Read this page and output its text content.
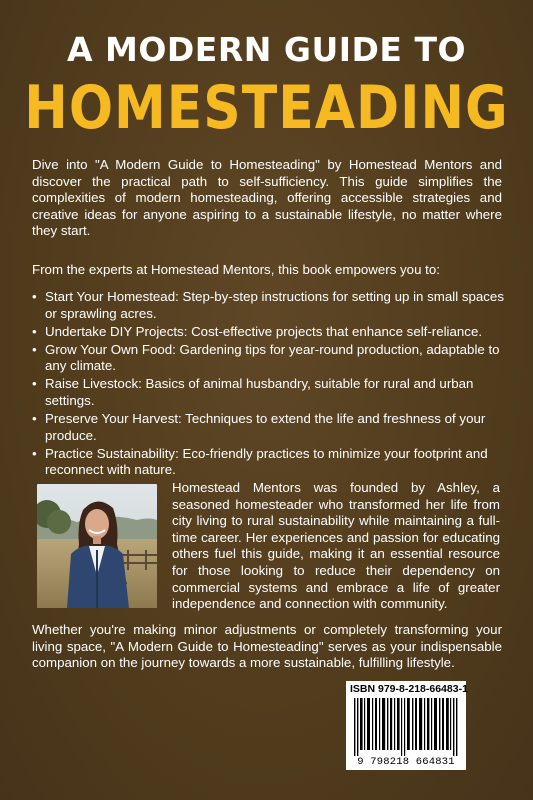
A MODERN GUIDE TO
HOMESTEADING
Dive into "A Modern Guide to Homesteading" by Homestead Mentors and discover the practical path to self-sufficiency. This guide simplifies the complexities of modern homesteading, offering accessible strategies and creative ideas for anyone aspiring to a sustainable lifestyle, no matter where they start.
From the experts at Homestead Mentors, this book empowers you to:
• Start Your Homestead: Step-by-step instructions for setting up in small spaces or sprawling acres.
• Undertake DIY Projects: Cost-effective projects that enhance self-reliance.
• Grow Your Own Food: Gardening tips for year-round production, adaptable to any climate.
• Raise Livestock: Basics of animal husbandry, suitable for rural and urban settings.
• Preserve Your Harvest: Techniques to extend the life and freshness of your produce.
• Practice Sustainability: Eco-friendly practices to minimize your footprint and reconnect with nature.
Homestead Mentors was founded by Ashley, a seasoned homesteader who transformed her life from city living to rural sustainability while maintaining a full-time career. Her experiences and passion for educating others fuel this guide, making it an essential resource for those looking to reduce their dependency on commercial systems and embrace a life of greater independence and connection with community.
Whether you're making minor adjustments or completely transforming your living space, "A Modern Guide to Homesteading" serves as your indispensable companion on the journey towards a more sustainable, fulfilling lifestyle.
ISBN 979-8-218-66483-1
9 798218 664831
